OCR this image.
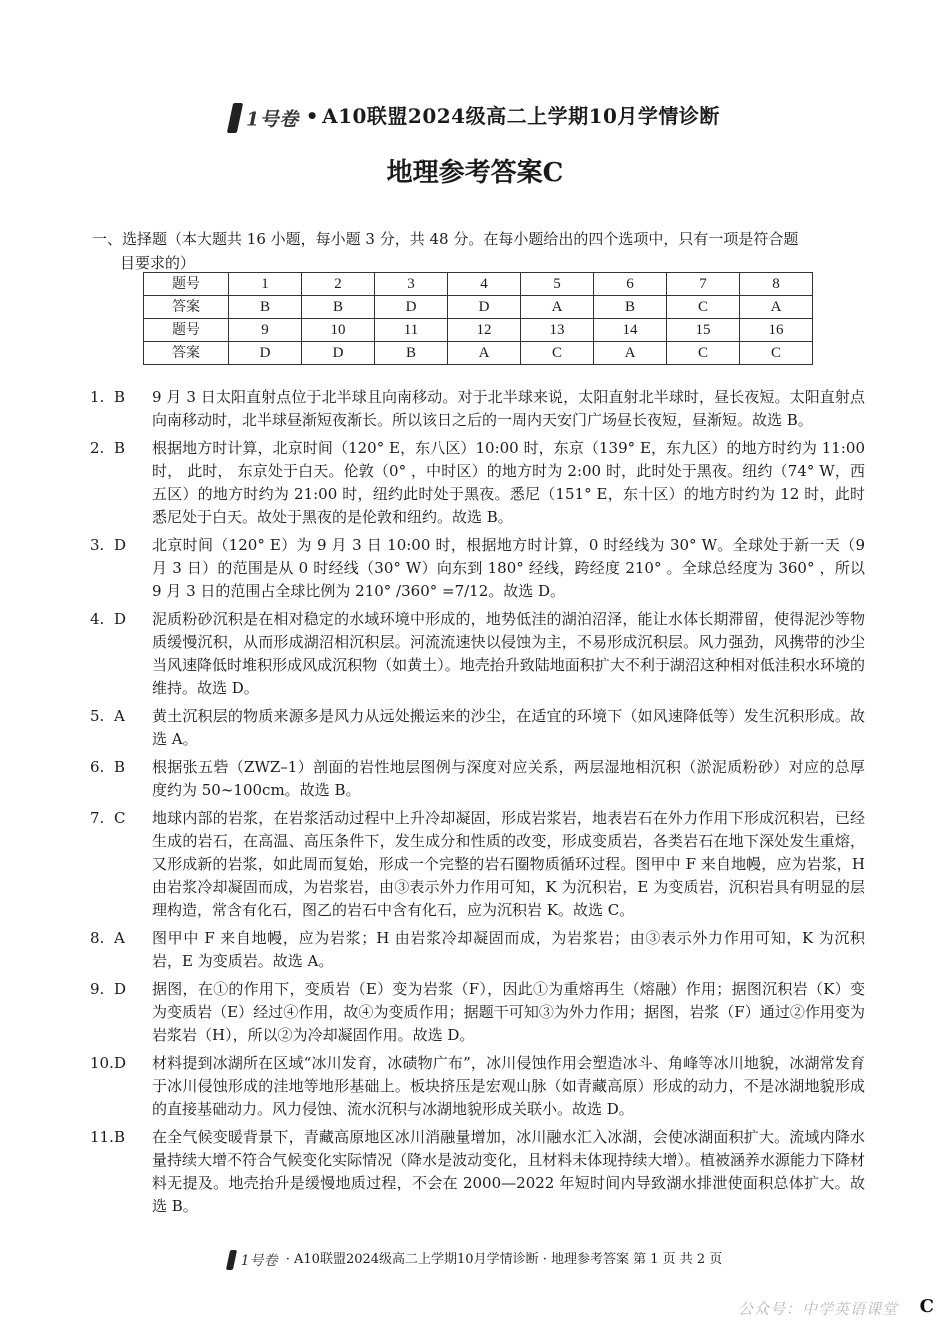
1号卷 • A10联盟2024级高二上学期10月学情诊断
地理参考答案C
一、选择题（本大题共 16 小题，每小题 3 分，共 48 分。在每小题给出的四个选项中，只有一项是符合题
目要求的）
题号	1	2	3	4	5	6	7	8
答案	B	B	D	D	A	B	C	A
题号	9	10	11	12	13	14	15	16
答案	D	D	B	A	C	A	C	C
1. B	9 月 3 日太阳直射点位于北半球且向南移动。对于北半球来说，太阳直射北半球时，昼长夜短。太阳直射点向南移动时，北半球昼渐短夜渐长。所以该日之后的一周内天安门广场昼长夜短，昼渐短。故选 B。
2. B	根据地方时计算，北京时间（120° E，东八区）10:00 时，东京（139° E，东九区）的地方时约为 11:00 时， 此时， 东京处于白天。伦敦（0° ，中时区）的地方时为 2:00 时，此时处于黑夜。纽约（74° W，西五区）的地方时约为 21:00 时，纽约此时处于黑夜。悉尼（151° E，东十区）的地方时约为 12 时，此时悉尼处于白天。故处于黑夜的是伦敦和纽约。故选 B。
3. D	北京时间（120° E）为 9 月 3 日 10:00 时，根据地方时计算，0 时经线为 30° W。全球处于新一天（9 月 3 日）的范围是从 0 时经线（30° W）向东到 180° 经线，跨经度 210° 。全球总经度为 360° ，所以 9 月 3 日的范围占全球比例为 210° /360° =7/12。故选 D。
4. D	泥质粉砂沉积是在相对稳定的水域环境中形成的，地势低洼的湖泊沼泽，能让水体长期滞留，使得泥沙等物质缓慢沉积，从而形成湖沼相沉积层。河流流速快以侵蚀为主，不易形成沉积层。风力强劲，风携带的沙尘当风速降低时堆积形成风成沉积物（如黄土）。地壳抬升致陆地面积扩大不利于湖沼这种相对低洼积水环境的维持。故选 D。
5. A	黄土沉积层的物质来源多是风力从远处搬运来的沙尘，在适宜的环境下（如风速降低等）发生沉积形成。故选 A。
6. B	根据张五砦（ZWZ–1）剖面的岩性地层图例与深度对应关系，两层湿地相沉积（淤泥质粉砂）对应的总厚度约为 50~100cm。故选 B。
7. C	地球内部的岩浆，在岩浆活动过程中上升冷却凝固，形成岩浆岩，地表岩石在外力作用下形成沉积岩，已经生成的岩石，在高温、高压条件下，发生成分和性质的改变，形成变质岩，各类岩石在地下深处发生重熔，又形成新的岩浆，如此周而复始，形成一个完整的岩石圈物质循环过程。图甲中 F 来自地幔，应为岩浆，H 由岩浆冷却凝固而成，为岩浆岩，由③表示外力作用可知，K 为沉积岩，E 为变质岩，沉积岩具有明显的层理构造，常含有化石，图乙的岩石中含有化石，应为沉积岩 K。故选 C。
8. A	图甲中 F 来自地幔，应为岩浆；H 由岩浆冷却凝固而成，为岩浆岩；由③表示外力作用可知，K 为沉积岩，E 为变质岩。故选 A。
9. D	据图，在①的作用下，变质岩（E）变为岩浆（F），因此①为重熔再生（熔融）作用；据图沉积岩（K）变为变质岩（E）经过④作用，故④为变质作用；据题干可知③为外力作用；据图，岩浆（F）通过②作用变为岩浆岩（H），所以②为冷却凝固作用。故选 D。
10.D	材料提到冰湖所在区域“冰川发育，冰碛物广布”，冰川侵蚀作用会塑造冰斗、角峰等冰川地貌，冰湖常发育于冰川侵蚀形成的洼地等地形基础上。板块挤压是宏观山脉（如青藏高原）形成的动力，不是冰湖地貌形成的直接基础动力。风力侵蚀、流水沉积与冰湖地貌形成关联小。故选 D。
11.B	在全气候变暖背景下，青藏高原地区冰川消融量增加，冰川融水汇入冰湖，会使冰湖面积扩大。流域内降水量持续大增不符合气候变化实际情况（降水是波动变化，且材料未体现持续大增）。植被涵养水源能力下降材料无提及。地壳抬升是缓慢地质过程，不会在 2000—2022 年短时间内导致湖水排泄使面积总体扩大。故选 B。
1号卷 · A10联盟2024级高二上学期10月学情诊断 · 地理参考答案 第 1 页 共 2 页
公众号：中学英语课堂 C
